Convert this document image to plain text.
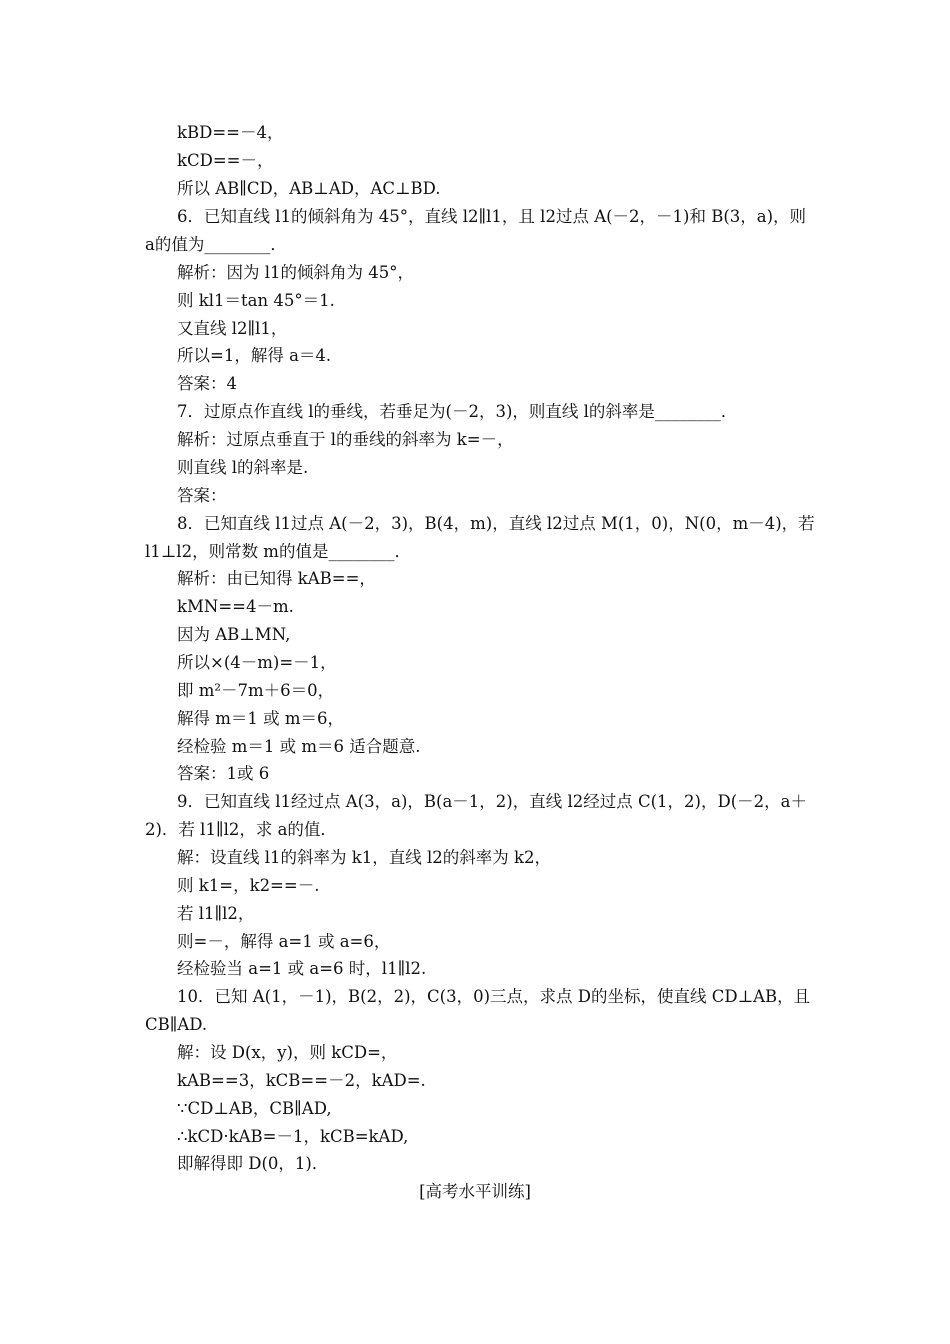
kBD==－4，
kCD==－，
所以 AB∥CD，AB⊥AD，AC⊥BD.
6．已知直线 l1的倾斜角为 45°，直线 l2∥l1，且 l2过点 A(－2，－1)和 B(3，a)，则
a的值为________．
解析：因为 l1的倾斜角为 45°，
则 kl1＝tan 45°＝1.
又直线 l2∥l1，
所以=1，解得 a＝4.
答案：4
7．过原点作直线 l的垂线，若垂足为(－2，3)，则直线 l的斜率是________．
解析：过原点垂直于 l的垂线的斜率为 k=－，
则直线 l的斜率是.
答案：
8．已知直线 l1过点 A(－2，3)，B(4，m)，直线 l2过点 M(1，0)，N(0，m－4)，若
l1⊥l2，则常数 m的值是________．
解析：由已知得 kAB==，
kMN==4－m.
因为 AB⊥MN,
所以×(4－m)=－1，
即 m²－7m＋6＝0，
解得 m＝1 或 m＝6，
经检验 m＝1 或 m＝6 适合题意.
答案：1或 6
9．已知直线 l1经过点 A(3，a)，B(a－1，2)，直线 l2经过点 C(1，2)，D(－2，a＋
2)．若 l1∥l2，求 a的值．
解：设直线 l1的斜率为 k1，直线 l2的斜率为 k2，
则 k1=，k2==－.
若 l1∥l2，
则=－，解得 a=1 或 a=6，
经检验当 a=1 或 a=6 时，l1∥l2.
10．已知 A(1，－1)，B(2，2)，C(3，0)三点，求点 D的坐标，使直线 CD⊥AB，且
CB∥AD.
解：设 D(x，y)，则 kCD=，
kAB==3，kCB==－2，kAD=.
∵CD⊥AB，CB∥AD,
∴kCD·kAB=－1，kCB=kAD,
即解得即 D(0，1)．
[高考水平训练]
